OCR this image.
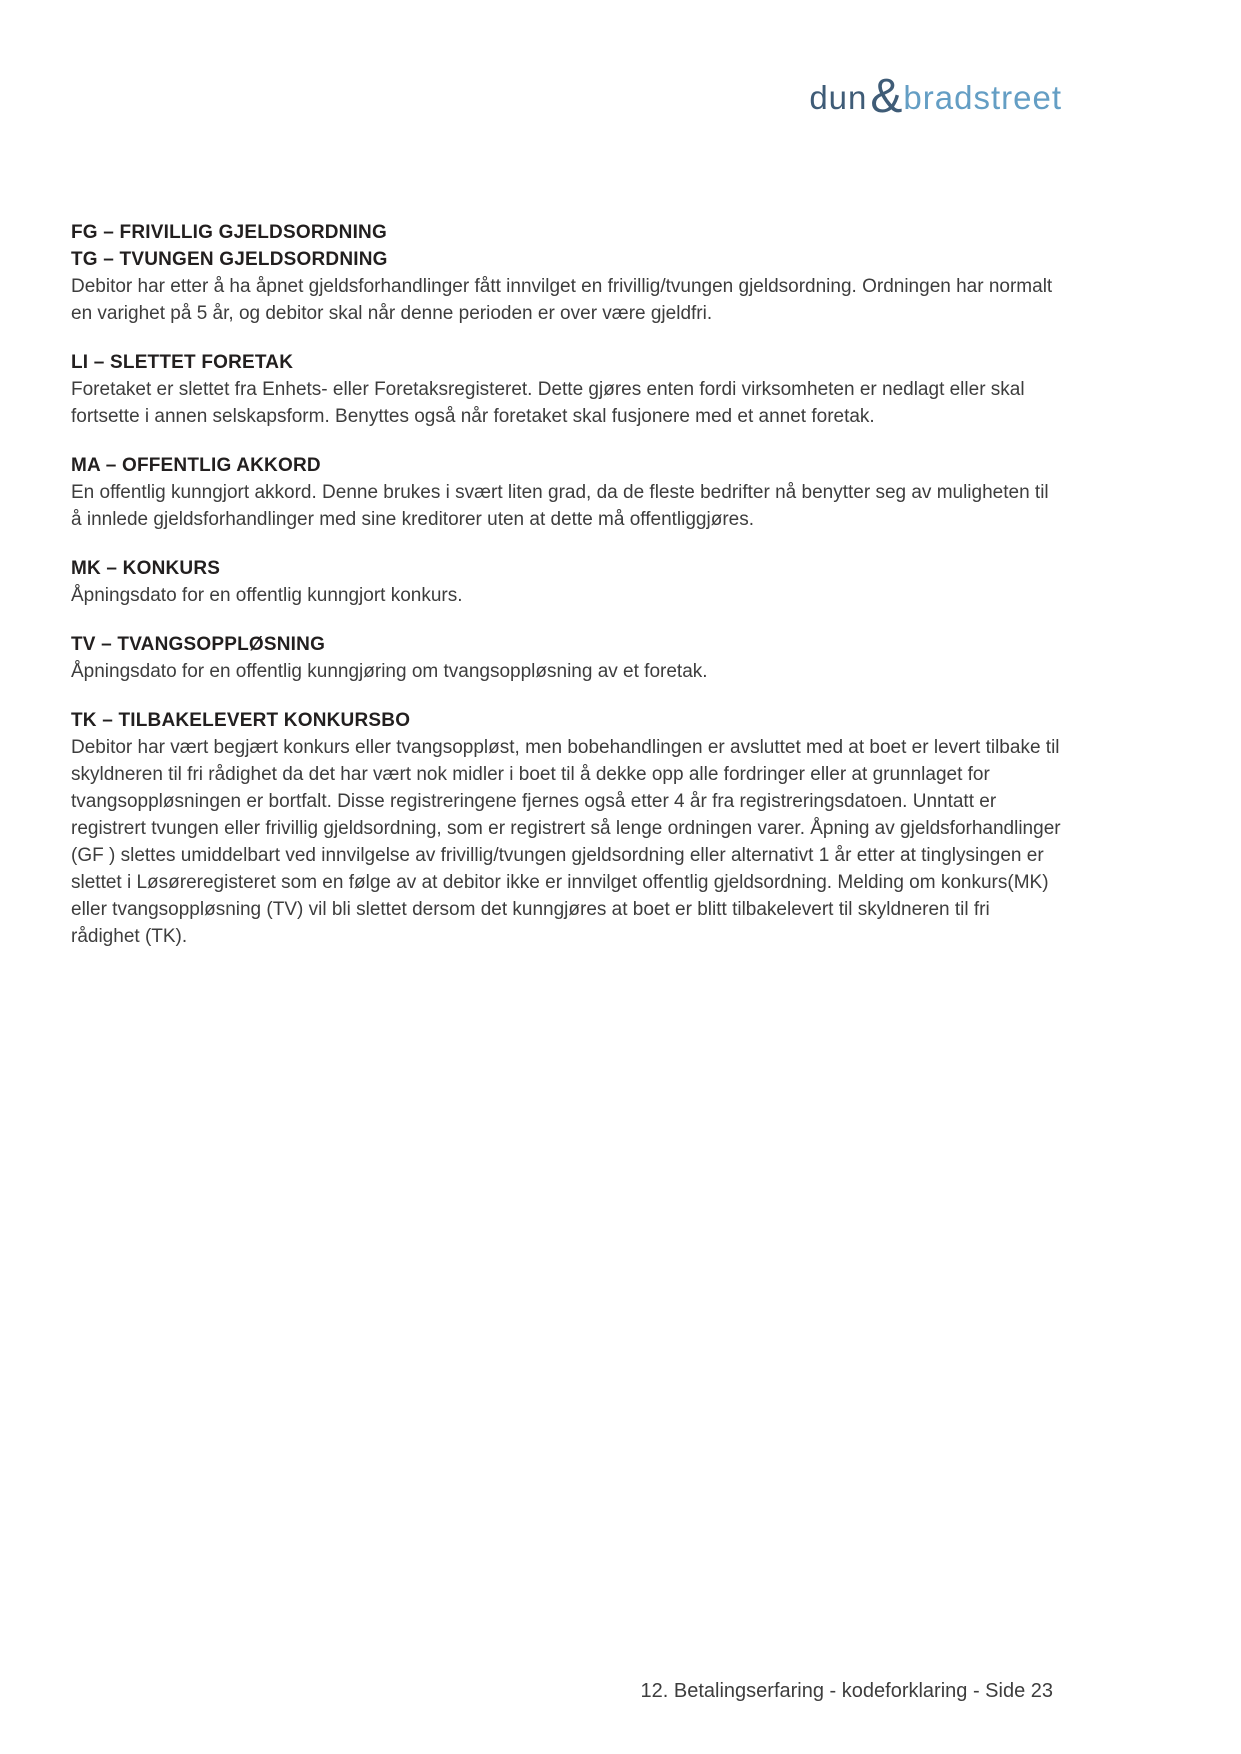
dun & bradstreet
FG – FRIVILLIG GJELDSORDNING
TG – TVUNGEN GJELDSORDNING

Debitor har etter å ha åpnet gjeldsforhandlinger fått innvilget en frivillig/tvungen gjeldsordning. Ordningen har normalt en varighet på 5 år, og debitor skal når denne perioden er over være gjeldfri.

LI – SLETTET FORETAK

Foretaket er slettet fra Enhets- eller Foretaksregisteret. Dette gjøres enten fordi virksomheten er nedlagt eller skal fortsette i annen selskapsform. Benyttes også når foretaket skal fusjonere med et annet foretak.

MA – OFFENTLIG AKKORD

En offentlig kunngjort akkord. Denne brukes i svært liten grad, da de fleste bedrifter nå benytter seg av muligheten til å innlede gjeldsforhandlinger med sine kreditorer uten at dette må offentliggjøres.

MK – KONKURS

Åpningsdato for en offentlig kunngjort konkurs.

TV – TVANGSOPPLØSNING

Åpningsdato for en offentlig kunngjøring om tvangsoppløsning av et foretak.

TK – TILBAKELEVERT KONKURSBO

Debitor har vært begjært konkurs eller tvangsoppløst, men bobehandlingen er avsluttet med at boet er levert tilbake til skyldneren til fri rådighet da det har vært nok midler i boet til å dekke opp alle fordringer eller at grunnlaget for tvangsoppløsningen er bortfalt. Disse registreringene fjernes også etter 4 år fra registreringsdatoen. Unntatt er registrert tvungen eller frivillig gjeldsordning, som er registrert så lenge ordningen varer. Åpning av gjeldsforhandlinger (GF ) slettes umiddelbart ved innvilgelse av frivillig/tvungen gjeldsordning eller alternativt 1 år etter at tinglysingen er slettet i Løsøreregisteret som en følge av at debitor ikke er innvilget offentlig gjeldsordning. Melding om konkurs(MK) eller tvangsoppløsning (TV) vil bli slettet dersom det kunngjøres at boet er blitt tilbakelevert til skyldneren til fri rådighet (TK).

12. Betalingserfaring - kodeforklaring - Side 23
